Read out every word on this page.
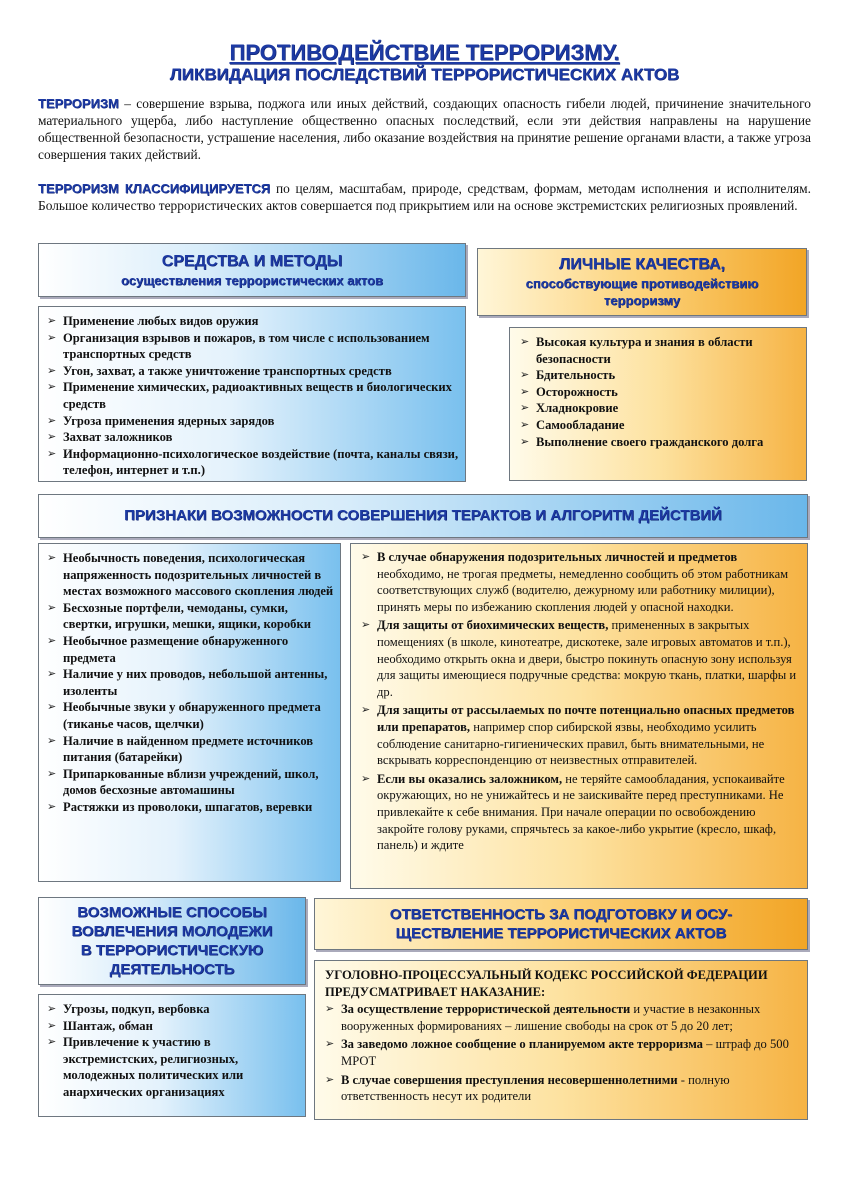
ПРОТИВОДЕЙСТВИЕ ТЕРРОРИЗМУ.
ЛИКВИДАЦИЯ ПОСЛЕДСТВИЙ ТЕРРОРИСТИЧЕСКИХ АКТОВ
ТЕРРОРИЗМ – совершение взрыва, поджога или иных действий, создающих опасность гибели людей, причинение значительного материального ущерба, либо наступление общественно опасных последствий, если эти действия направлены на нарушение общественной безопасности, устрашение населения, либо оказание воздействия на принятие решение органами власти, а также угроза совершения таких действий.
ТЕРРОРИЗМ КЛАССИФИЦИРУЕТСЯ по целям, масштабам, природе, средствам, формам, методам исполнения и исполнителям. Большое количество террористических актов совершается под прикрытием или на основе экстремистских религиозных проявлений.
СРЕДСТВА И МЕТОДЫ
осуществления террористических актов
➢ Применение любых видов оружия
➢ Организация взрывов и пожаров, в том числе с использованием транспортных средств
➢ Угон, захват, а также уничтожение транспортных средств
➢ Применение химических, радиоактивных веществ и биологических средств
➢ Угроза применения ядерных зарядов
➢ Захват заложников
➢ Информационно-психологическое воздействие (почта, каналы связи, телефон, интернет и т.п.)
ЛИЧНЫЕ КАЧЕСТВА,
способствующие противодействию
терроризму
➢ Высокая культура и знания в области безопасности
➢ Бдительность
➢ Осторожность
➢ Хладнокровие
➢ Самообладание
➢ Выполнение своего гражданского долга
ПРИЗНАКИ ВОЗМОЖНОСТИ СОВЕРШЕНИЯ ТЕРАКТОВ И АЛГОРИТМ ДЕЙСТВИЙ
➢ Необычность поведения, психологическая напряженность подозрительных личностей в местах возможного массового скопления людей
➢ Бесхозные портфели, чемоданы, сумки, свертки, игрушки, мешки, ящики, коробки
➢ Необычное размещение обнаруженного предмета
➢ Наличие у них проводов, небольшой антенны, изоленты
➢ Необычные звуки у обнаруженного предмета (тиканье часов, щелчки)
➢ Наличие в найденном предмете источников питания (батарейки)
➢ Припаркованные вблизи учреждений, школ, домов бесхозные автомашины
➢ Растяжки из проволоки, шпагатов, веревки
➢ В случае обнаружения подозрительных личностей и предметов необходимо, не трогая предметы, немедленно сообщить об этом работникам соответствующих служб (водителю, дежурному или работнику милиции), принять меры по избежанию скопления людей у опасной находки.
➢ Для защиты от биохимических веществ, примененных в закрытых помещениях (в школе, кинотеатре, дискотеке, зале игровых автоматов и т.п.), необходимо открыть окна и двери, быстро покинуть опасную зону используя для защиты имеющиеся подручные средства: мокрую ткань, платки, шарфы и др.
➢ Для защиты от рассылаемых по почте потенциально опасных предметов или препаратов, например спор сибирской язвы, необходимо усилить соблюдение санитарно-гигиенических правил, быть внимательными, не вскрывать корреспонденцию от неизвестных отправителей.
➢ Если вы оказались заложником, не теряйте самообладания, успокаивайте окружающих, но не унижайтесь и не заискивайте перед преступниками. Не привлекайте к себе внимания. При начале операции по освобождению закройте голову руками, спрячьтесь за какое-либо укрытие (кресло, шкаф, панель) и ждите
ВОЗМОЖНЫЕ СПОСОБЫ
ВОВЛЕЧЕНИЯ МОЛОДЕЖИ
В ТЕРРОРИСТИЧЕСКУЮ
ДЕЯТЕЛЬНОСТЬ
➢ Угрозы, подкуп, вербовка
➢ Шантаж, обман
➢ Привлечение к участию в экстремистских, религиозных, молодежных политических или анархических организациях
ОТВЕТСТВЕННОСТЬ ЗА ПОДГОТОВКУ И ОСУ-
ЩЕСТВЛЕНИЕ ТЕРРОРИСТИЧЕСКИХ АКТОВ
УГОЛОВНО-ПРОЦЕССУАЛЬНЫЙ КОДЕКС РОССИЙСКОЙ ФЕДЕРАЦИИ ПРЕДУСМАТРИВАЕТ НАКАЗАНИЕ:
➢ За осуществление террористической деятельности и участие в незаконных вооруженных формированиях – лишение свободы на срок от 5 до 20 лет;
➢ За заведомо ложное сообщение о планируемом акте терроризма – штраф до 500 МРОТ
➢ В случае совершения преступления несовершеннолетними - полную ответственность несут их родители
